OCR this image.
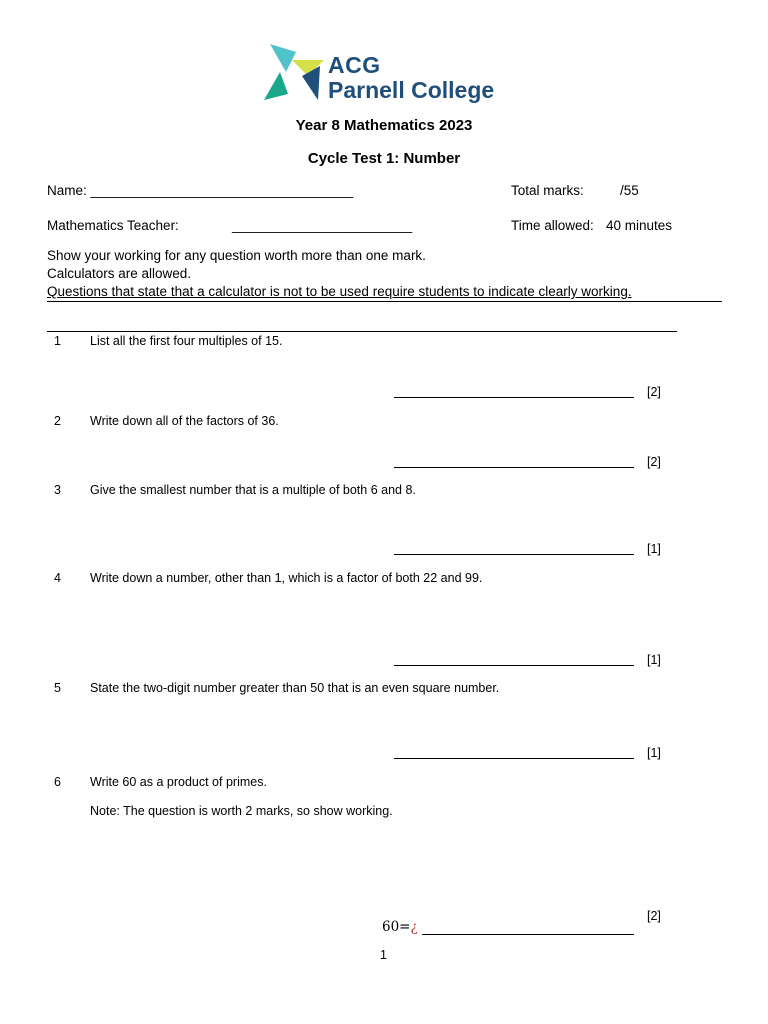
ACG
Parnell College
Year 8 Mathematics 2023
Cycle Test 1: Number
Name: ___________________________________	Total marks:	/55
Mathematics Teacher:	________________________	Time allowed: 40 minutes
Show your working for any question worth more than one mark.
Calculators are allowed.
Questions that state that a calculator is not to be used require students to indicate clearly working.
1 List all the first four multiples of 15.
[2]
2 Write down all of the factors of 36.
[2]
3 Give the smallest number that is a multiple of both 6 and 8.
[1]
4 Write down a number, other than 1, which is a factor of both 22 and 99.
[1]
5 State the two-digit number greater than 50 that is an even square number.
[1]
6 Write 60 as a product of primes.
Note: The question is worth 2 marks, so show working.
[2]
60=¿
1
